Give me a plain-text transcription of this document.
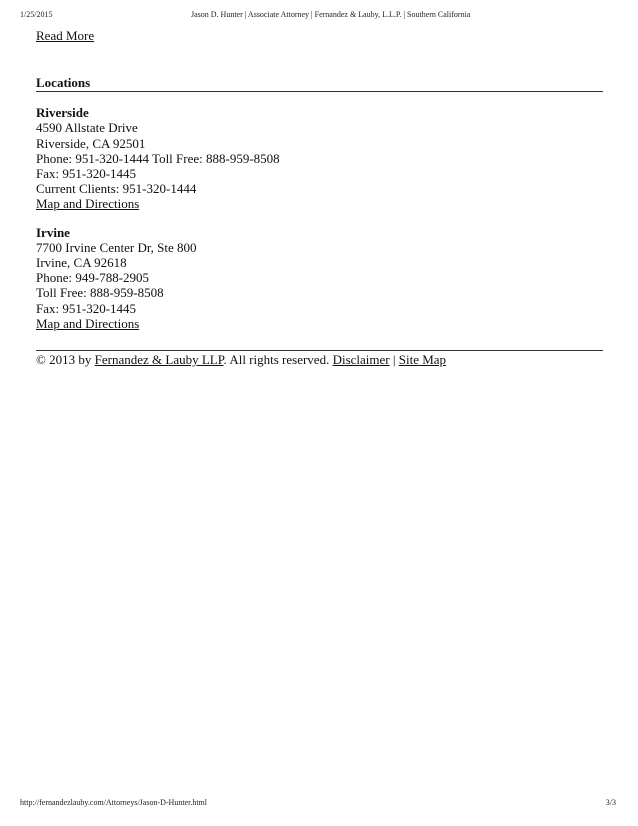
1/25/2015	Jason D. Hunter | Associate Attorney | Fernandez & Lauby, L.L.P. | Southern California
Read More
Locations
Riverside
4590 Allstate Drive
Riverside, CA 92501
Phone: 951-320-1444 Toll Free: 888-959-8508
Fax: 951-320-1445
Current Clients: 951-320-1444
Map and Directions
Irvine
7700 Irvine Center Dr, Ste 800
Irvine, CA 92618
Phone: 949-788-2905
Toll Free: 888-959-8508
Fax: 951-320-1445
Map and Directions
© 2013 by Fernandez & Lauby LLP. All rights reserved. Disclaimer | Site Map
http://fernandezlauby.com/Attorneys/Jason-D-Hunter.html	3/3
